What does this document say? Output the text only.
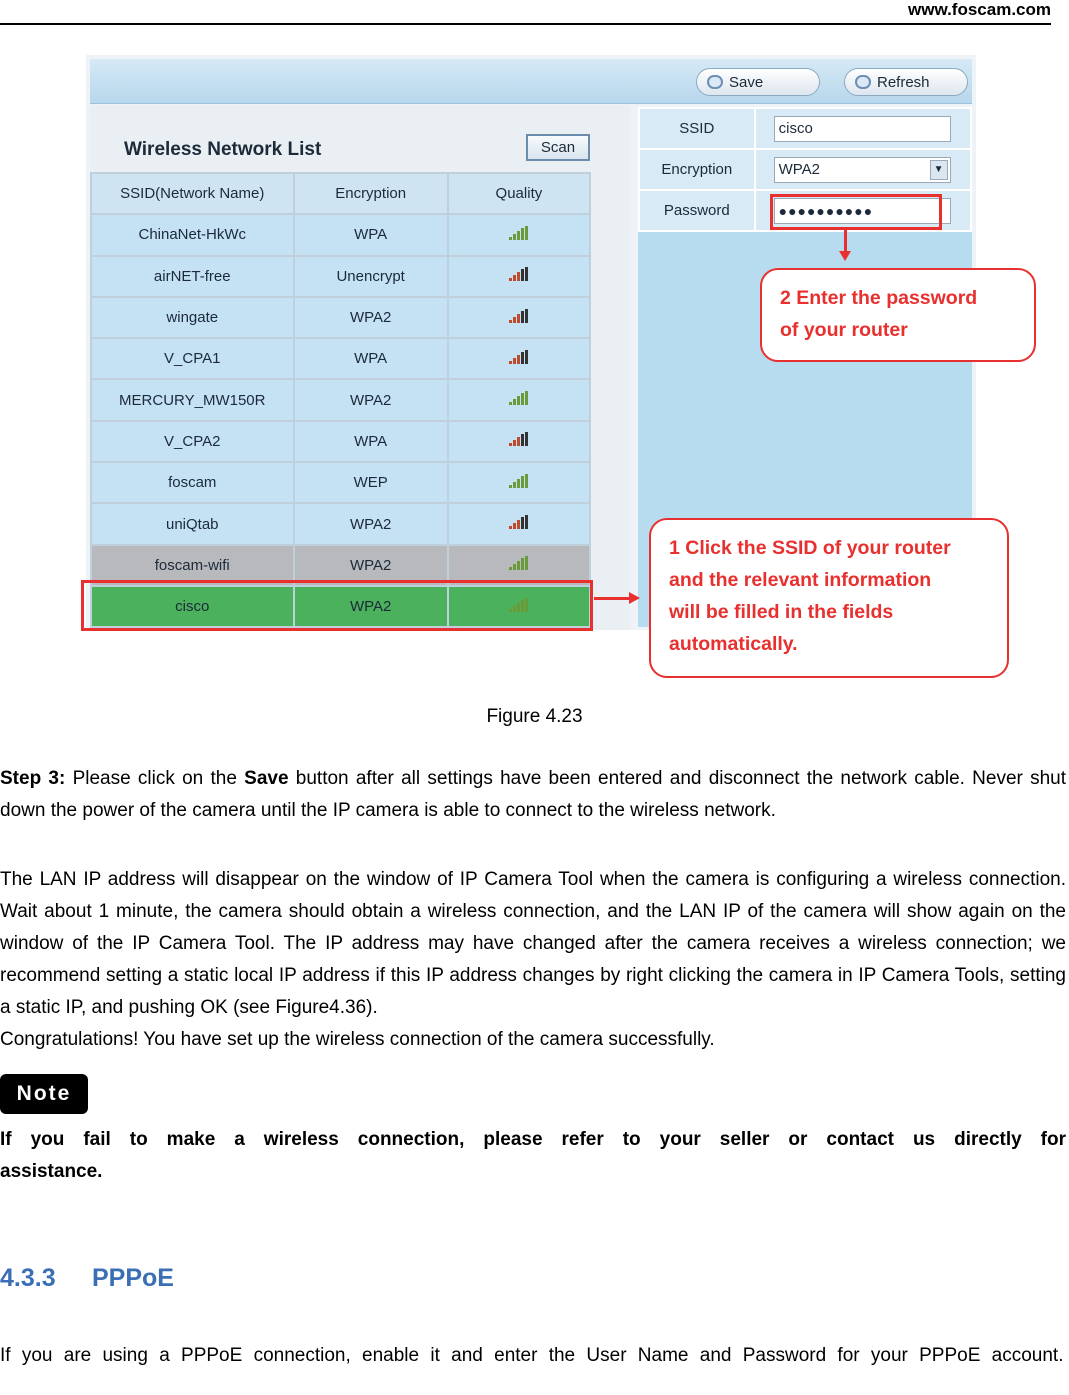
www.foscam.com
Save	Refresh
Wireless Network List	Scan
SSID(Network Name)	Encryption	Quality
ChinaNet-HkWc	WPA	

airNET-free	Unencrypt	

wingate	WPA2	

V_CPA1	WPA	

MERCURY_MW150R	WPA2	

V_CPA2	WPA	

foscam	WEP	

uniQtab	WPA2	

foscam-wifi	WPA2	

cisco	WPA2	
SSID	cisco

Encryption	WPA2 ▼

Password	●●●●●●●●●●
2 Enter the password
of your router
1 Click the SSID of your router
and the relevant information
will be filled in the fields
automatically.
Figure 4.23
Step 3: Please click on the Save button after all settings have been entered and disconnect the network cable. Never shut down the power of the camera until the IP camera is able to connect to the wireless network.
The LAN IP address will disappear on the window of IP Camera Tool when the camera is configuring a wireless connection. Wait about 1 minute, the camera should obtain a wireless connection, and the LAN IP of the camera will show again on the window of the IP Camera Tool. The IP address may have changed after the camera receives a wireless connection; we recommend setting a static local IP address if this IP address changes by right clicking the camera in IP Camera Tools, setting a static IP, and pushing OK (see Figure4.36).
Congratulations! You have set up the wireless connection of the camera successfully.
Note
If you fail to make a wireless connection, please refer to your seller or contact us directly for assistance.
4.3.3 PPPoE
If you are using a PPPoE connection, enable it and enter the User Name and Password for your PPPoE account.
